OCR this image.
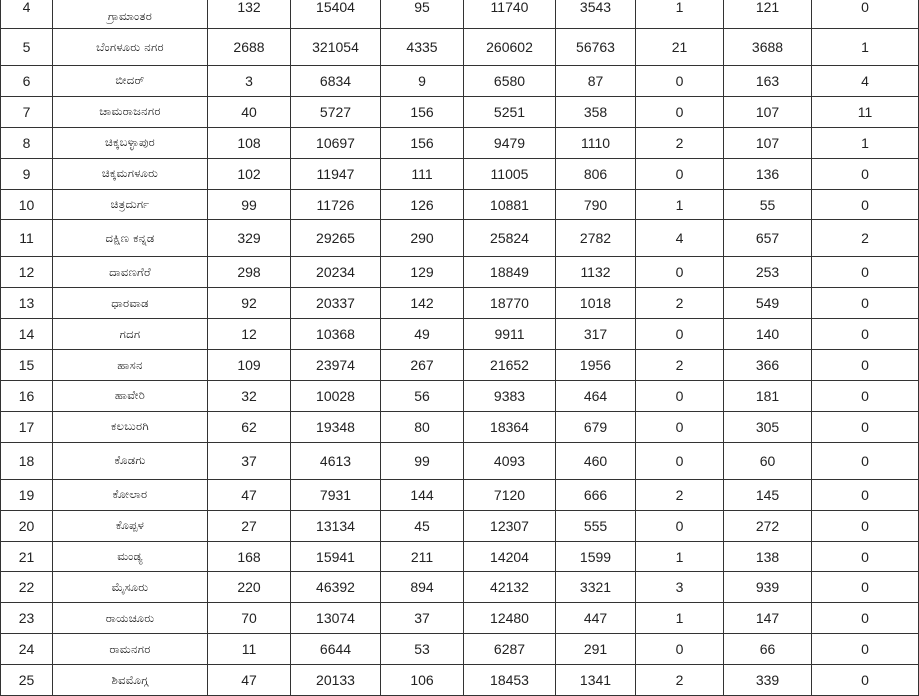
4	ಗ್ರಾಮಾಂತರ	132	15404	95	11740	3543	1	121	0
5	ಬೆಂಗಳೂರು ನಗರ	2688	321054	4335	260602	56763	21	3688	1
6	ಬೀದರ್	3	6834	9	6580	87	0	163	4
7	ಚಾಮರಾಜನಗರ	40	5727	156	5251	358	0	107	11
8	ಚಿಕ್ಕಬಳ್ಳಾಪುರ	108	10697	156	9479	1110	2	107	1
9	ಚಿಕ್ಕಮಗಳೂರು	102	11947	111	11005	806	0	136	0
10	ಚಿತ್ರದುರ್ಗ	99	11726	126	10881	790	1	55	0
11	ದಕ್ಷಿಣ ಕನ್ನಡ	329	29265	290	25824	2782	4	657	2
12	ದಾವಣಗೆರೆ	298	20234	129	18849	1132	0	253	0
13	ಧಾರವಾಡ	92	20337	142	18770	1018	2	549	0
14	ಗದಗ	12	10368	49	9911	317	0	140	0
15	ಹಾಸನ	109	23974	267	21652	1956	2	366	0
16	ಹಾವೇರಿ	32	10028	56	9383	464	0	181	0
17	ಕಲಬುರಗಿ	62	19348	80	18364	679	0	305	0
18	ಕೊಡಗು	37	4613	99	4093	460	0	60	0
19	ಕೋಲಾರ	47	7931	144	7120	666	2	145	0
20	ಕೊಪ್ಪಳ	27	13134	45	12307	555	0	272	0
21	ಮಂಡ್ಯ	168	15941	211	14204	1599	1	138	0
22	ಮೈಸೂರು	220	46392	894	42132	3321	3	939	0
23	ರಾಯಚೂರು	70	13074	37	12480	447	1	147	0
24	ರಾಮನಗರ	11	6644	53	6287	291	0	66	0
25	ಶಿವಮೊಗ್ಗ	47	20133	106	18453	1341	2	339	0
